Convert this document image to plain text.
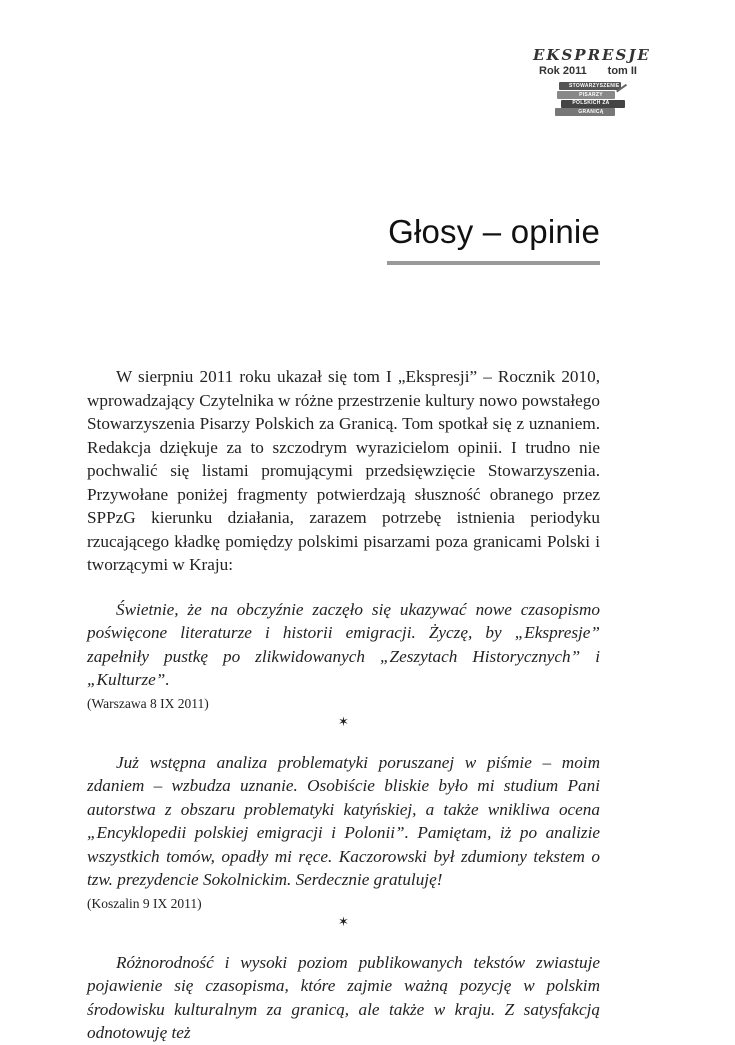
EKSPRESJE
Rok 2011 tom II
STOWARZYSZENIE PISARZY POLSKICH ZA GRANICĄ
Głosy – opinie

W sierpniu 2011 roku ukazał się tom I „Ekspresji” – Rocznik 2010, wprowadzający Czytelnika w różne przestrzenie kultury nowo powstałego Stowarzyszenia Pisarzy Polskich za Granicą. Tom spotkał się z uznaniem. Redakcja dziękuje za to szczodrym wyrazicielom opinii. I trudno nie pochwalić się listami promującymi przedsięwzięcie Stowarzyszenia. Przywołane poniżej fragmenty potwierdzają słuszność obranego przez SPPzG kierunku działania, zarazem potrzebę istnienia periodyku rzucającego kładkę pomiędzy polskimi pisarzami poza granicami Polski i tworzącymi w Kraju:

Świetnie, że na obczyźnie zaczęło się ukazywać nowe czasopismo poświęcone literaturze i historii emigracji. Życzę, by „Ekspresje” zapełniły pustkę po zlikwidowanych „Zeszytach Historycznych” i „Kulturze”.

(Warszawa 8 IX 2011)

✶

Już wstępna analiza problematyki poruszanej w piśmie – moim zdaniem – wzbudza uznanie. Osobiście bliskie było mi studium Pani autorstwa z obszaru problematyki katyńskiej, a także wnikliwa ocena „Encyklopedii polskiej emigracji i Polonii”. Pamiętam, iż po analizie wszystkich tomów, opadły mi ręce. Kaczorowski był zdumiony tekstem o tzw. prezydencie Sokolnickim. Serdecznie gratuluję!

(Koszalin 9 IX 2011)

✶

Różnorodność i wysoki poziom publikowanych tekstów zwiastuje pojawienie się czasopisma, które zajmie ważną pozycję w polskim środowisku kulturalnym za granicą, ale także w kraju. Z satysfakcją odnotowuję też
